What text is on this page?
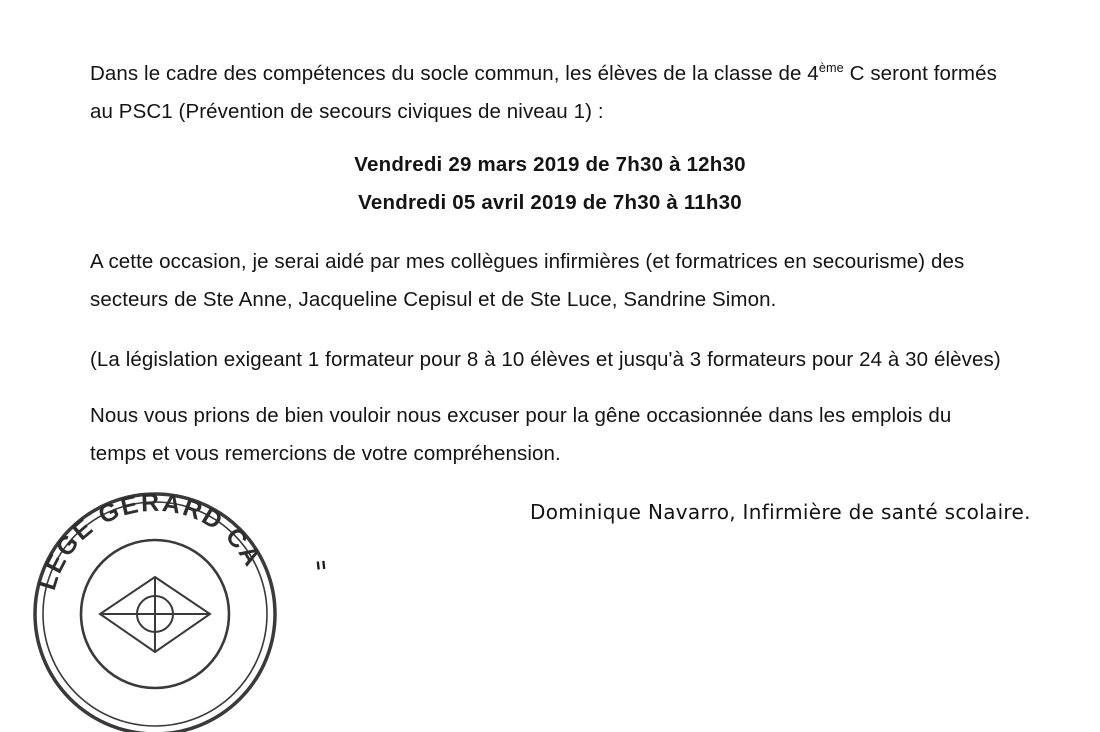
Dans le cadre des compétences du socle commun, les élèves de la classe de 4ème C seront formés au PSC1 (Prévention de secours civiques de niveau 1) :

Vendredi 29 mars 2019 de 7h30 à 12h30

Vendredi 05 avril 2019 de 7h30 à 11h30

A cette occasion, je serai aidé par mes collègues infirmières (et formatrices en secourisme) des secteurs de Ste Anne, Jacqueline Cepisul et de Ste Luce, Sandrine Simon.

(La législation exigeant 1 formateur pour 8 à 10 élèves et jusqu'à 3 formateurs pour 24 à 30 élèves)

Nous vous prions de bien vouloir nous excuser pour la gêne occasionnée dans les emplois du temps et vous remercions de votre compréhension.

Dominique Navarro, Infirmière de santé scolaire.
LEGE GERARD CA "
